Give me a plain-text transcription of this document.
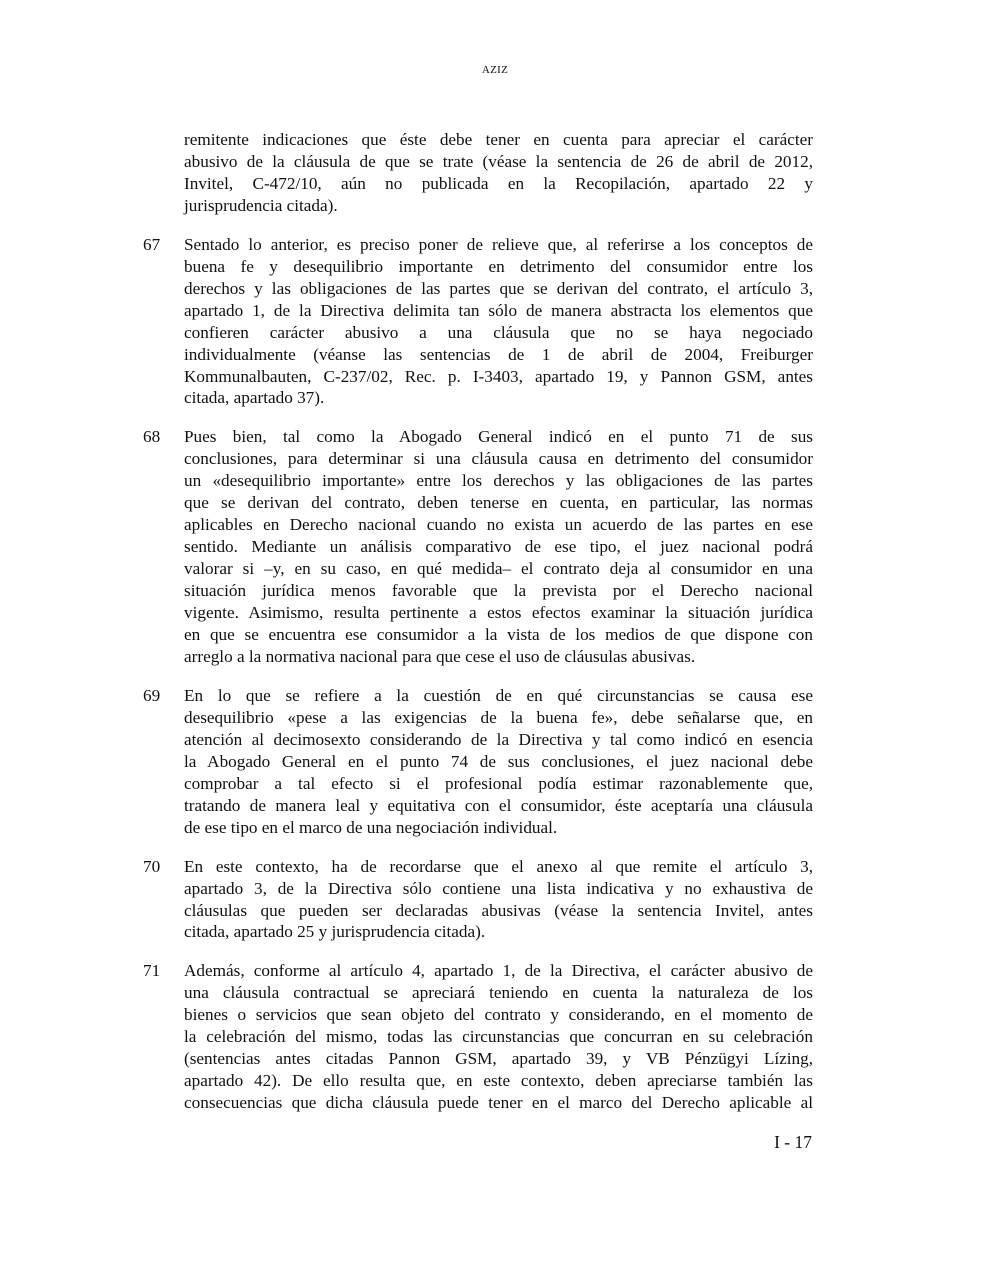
AZIZ
remitente indicaciones que éste debe tener en cuenta para apreciar el carácter
abusivo de la cláusula de que se trate (véase la sentencia de 26 de abril de 2012,
Invitel, C-472/10, aún no publicada en la Recopilación, apartado 22 y
jurisprudencia citada).
67 Sentado lo anterior, es preciso poner de relieve que, al referirse a los conceptos de
buena fe y desequilibrio importante en detrimento del consumidor entre los
derechos y las obligaciones de las partes que se derivan del contrato, el artículo 3,
apartado 1, de la Directiva delimita tan sólo de manera abstracta los elementos que
confieren carácter abusivo a una cláusula que no se haya negociado
individualmente (véanse las sentencias de 1 de abril de 2004, Freiburger
Kommunalbauten, C-237/02, Rec. p. I-3403, apartado 19, y Pannon GSM, antes
citada, apartado 37).
68 Pues bien, tal como la Abogado General indicó en el punto 71 de sus
conclusiones, para determinar si una cláusula causa en detrimento del consumidor
un «desequilibrio importante» entre los derechos y las obligaciones de las partes
que se derivan del contrato, deben tenerse en cuenta, en particular, las normas
aplicables en Derecho nacional cuando no exista un acuerdo de las partes en ese
sentido. Mediante un análisis comparativo de ese tipo, el juez nacional podrá
valorar si –y, en su caso, en qué medida– el contrato deja al consumidor en una
situación jurídica menos favorable que la prevista por el Derecho nacional
vigente. Asimismo, resulta pertinente a estos efectos examinar la situación jurídica
en que se encuentra ese consumidor a la vista de los medios de que dispone con
arreglo a la normativa nacional para que cese el uso de cláusulas abusivas.
69 En lo que se refiere a la cuestión de en qué circunstancias se causa ese
desequilibrio «pese a las exigencias de la buena fe», debe señalarse que, en
atención al decimosexto considerando de la Directiva y tal como indicó en esencia
la Abogado General en el punto 74 de sus conclusiones, el juez nacional debe
comprobar a tal efecto si el profesional podía estimar razonablemente que,
tratando de manera leal y equitativa con el consumidor, éste aceptaría una cláusula
de ese tipo en el marco de una negociación individual.
70 En este contexto, ha de recordarse que el anexo al que remite el artículo 3,
apartado 3, de la Directiva sólo contiene una lista indicativa y no exhaustiva de
cláusulas que pueden ser declaradas abusivas (véase la sentencia Invitel, antes
citada, apartado 25 y jurisprudencia citada).
71 Además, conforme al artículo 4, apartado 1, de la Directiva, el carácter abusivo de
una cláusula contractual se apreciará teniendo en cuenta la naturaleza de los
bienes o servicios que sean objeto del contrato y considerando, en el momento de
la celebración del mismo, todas las circunstancias que concurran en su celebración
(sentencias antes citadas Pannon GSM, apartado 39, y VB Pénzügyi Lízing,
apartado 42). De ello resulta que, en este contexto, deben apreciarse también las
consecuencias que dicha cláusula puede tener en el marco del Derecho aplicable al
I - 17
